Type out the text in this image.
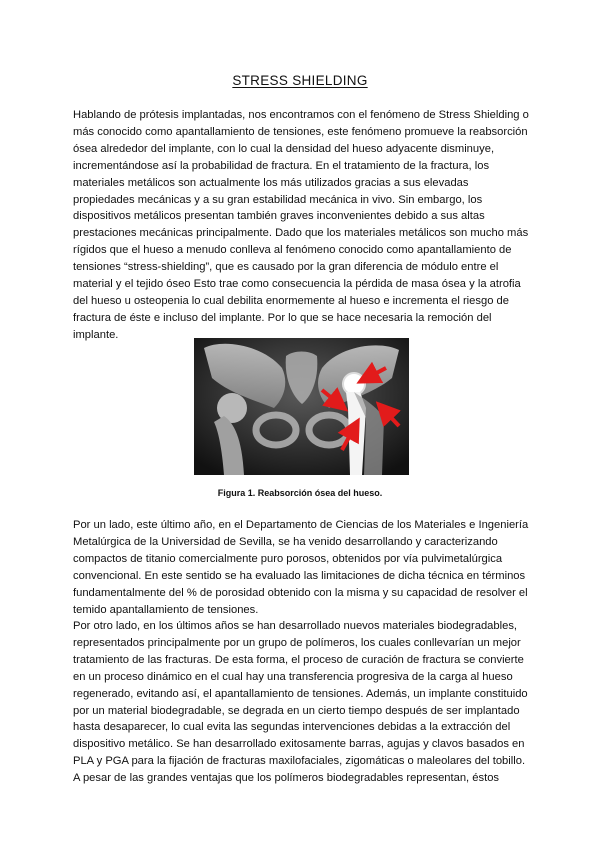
STRESS SHIELDING

Hablando de prótesis implantadas, nos encontramos con el fenómeno de Stress Shielding o más conocido como apantallamiento de tensiones, este fenómeno promueve la reabsorción ósea alrededor del implante, con lo cual la densidad del hueso adyacente disminuye, incrementándose así la probabilidad de fractura. En el tratamiento de la fractura, los materiales metálicos son actualmente los más utilizados gracias a sus elevadas propiedades mecánicas y a su gran estabilidad mecánica in vivo. Sin embargo, los dispositivos metálicos presentan también graves inconvenientes debido a sus altas prestaciones mecánicas principalmente. Dado que los materiales metálicos son mucho más rígidos que el hueso a menudo conlleva al fenómeno conocido como apantallamiento de tensiones “stress-shielding”, que es causado por la gran diferencia de módulo entre el material y el tejido óseo Esto trae como consecuencia la pérdida de masa ósea y la atrofia del hueso u osteopenia lo cual debilita enormemente al hueso e incrementa el riesgo de fractura de éste e incluso del implante. Por lo que se hace necesaria la remoción del implante.

Figura 1. Reabsorción ósea del hueso.

Por un lado, este último año, en el Departamento de Ciencias de los Materiales e Ingeniería Metalúrgica de la Universidad de Sevilla, se ha venido desarrollando y caracterizando compactos de titanio comercialmente puro porosos, obtenidos por vía pulvimetalúrgica convencional. En este sentido se ha evaluado las limitaciones de dicha técnica en términos fundamentalmente del % de porosidad obtenido con la misma y su capacidad de resolver el temido apantallamiento de tensiones.

Por otro lado, en los últimos años se han desarrollado nuevos materiales biodegradables, representados principalmente por un grupo de polímeros, los cuales conllevarían un mejor tratamiento de las fracturas. De esta forma, el proceso de curación de fractura se convierte en un proceso dinámico en el cual hay una transferencia progresiva de la carga al hueso regenerado, evitando así, el apantallamiento de tensiones. Además, un implante constituido por un material biodegradable, se degrada en un cierto tiempo después de ser implantado hasta desaparecer, lo cual evita las segundas intervenciones debidas a la extracción del dispositivo metálico. Se han desarrollado exitosamente barras, agujas y clavos basados en PLA y PGA para la fijación de fracturas maxilofaciales, zigomáticas o maleolares del tobillo. A pesar de las grandes ventajas que los polímeros biodegradables representan, éstos
